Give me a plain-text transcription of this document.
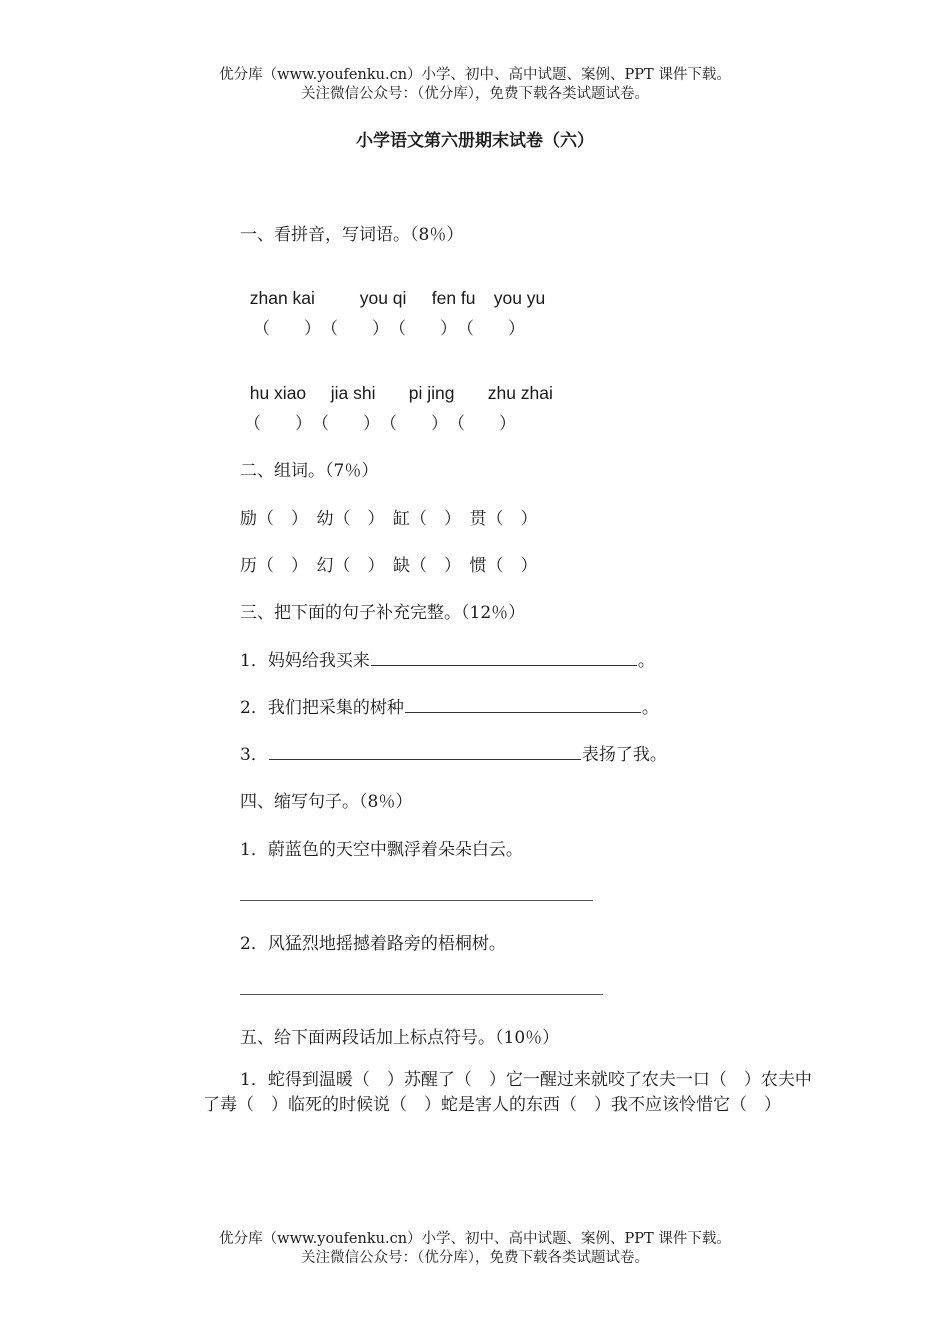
优分库（www.youfenku.cn）小学、初中、高中试题、案例、PPT 课件下载。
关注微信公众号：（优分库），免费下载各类试题试卷。
小学语文第六册期末试卷（六）
一、看拼音，写词语。（8％）

zhan kai	you qi fen fu you yu

（　　）　（　　）　（　　）　（　　）

hu xiao jia shi pi jing zhu zhai

（　　）　（　　）　（　　）　（　　）
二、组词。（7％）
励（　）　幼（　）　缸（　）　贯（　）
历（　）　幻（　）　缺（　）　惯（　）
三、把下面的句子补充完整。（12％）
1．妈妈给我买来	。
2．我们把采集的树种	。
3．	表扬了我。
四、缩写句子。（8％）
1．蔚蓝色的天空中飘浮着朵朵白云。
2．风猛烈地摇撼着路旁的梧桐树。
五、给下面两段话加上标点符号。（10％）
1．蛇得到温暖（　）苏醒了（　）它一醒过来就咬了农夫一口（　）农夫中了毒（　）临死的时候说（　）蛇是害人的东西（　）我不应该怜惜它（　）
优分库（www.youfenku.cn）小学、初中、高中试题、案例、PPT 课件下载。
关注微信公众号：（优分库），免费下载各类试题试卷。
